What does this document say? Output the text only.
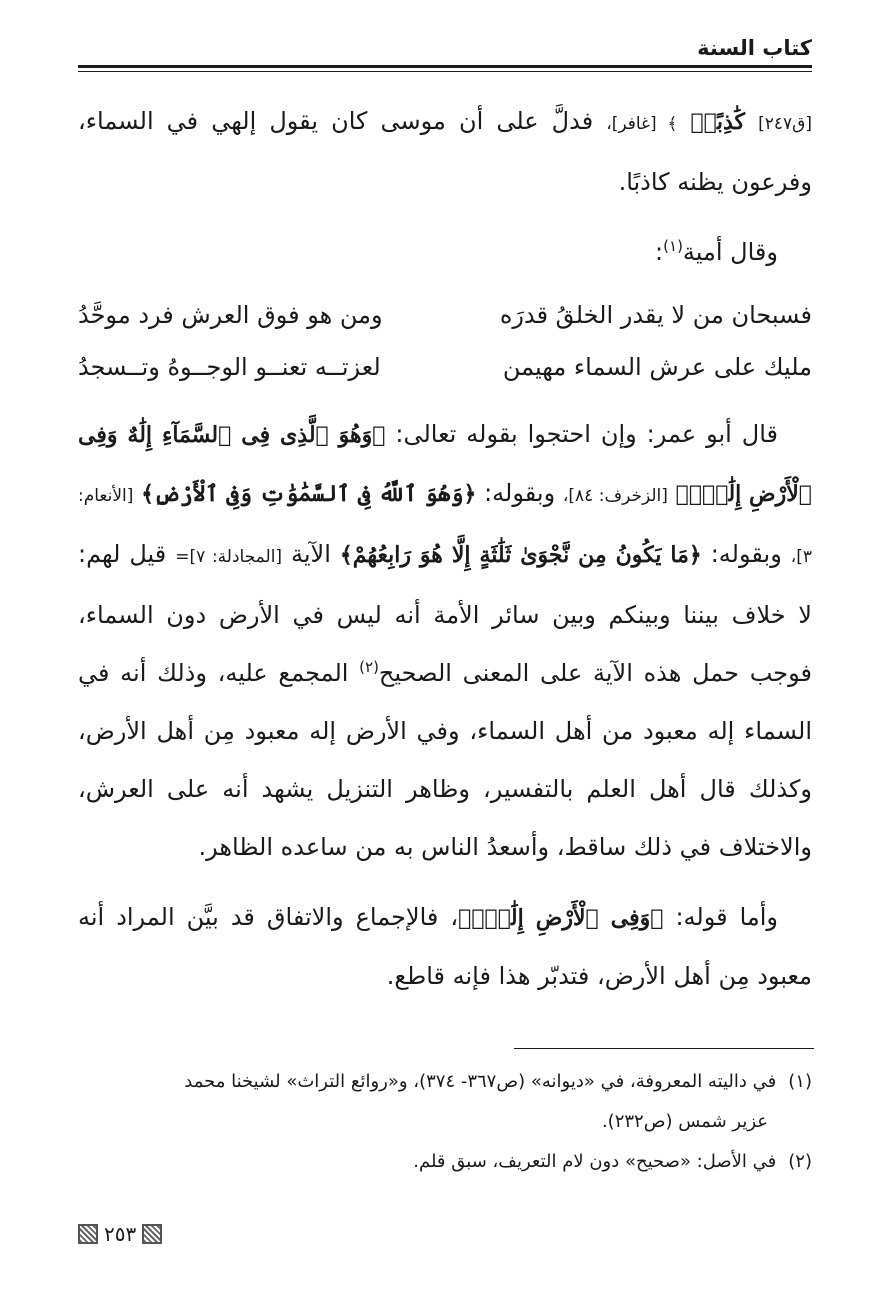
كتاب السنة

[ق٢٤٧] كَٰذِبًاۚ ﴾ [غافر]، فدلَّ على أن موسى كان يقول إلهي في السماء، وفرعون يظنه كاذبًا.

وقال أمية$^{(١)}$:

فسبحان من لا يقدر الخلقُ قدرَه
ومن هو فوق العرش فرد موحَّدُ
مليك على عرش السماء مهيمن
لعزتــه تعنــو الوجــوهُ وتــسجدُ

قال أبو عمر: وإن احتجوا بقوله تعالى: ﴿وَهُوَ ٱلَّذِى فِى ٱلسَّمَآءِ إِلَٰهٌ وَفِى ٱلْأَرْضِ إِلَٰهٌۚ﴾ [الزخرف: ٨٤]، وبقوله: ﴿وَهُوَ ٱللَّهُ فِى ٱلسَّمَٰوَٰتِ وَفِى ٱلْأَرْضِ﴾ [الأنعام: ٣]، وبقوله: ﴿مَا يَكُونُ مِن نَّجْوَىٰ ثَلَٰثَةٍ إِلَّا هُوَ رَابِعُهُمْ﴾ الآية [المجادلة: ٧]= قيل لهم: لا خلاف بيننا وبينكم وبين سائر الأمة أنه ليس في الأرض دون السماء، فوجب حمل هذه الآية على المعنى الصحيح$^{(٢)}$ المجمع عليه، وذلك أنه في السماء إله معبود من أهل السماء، وفي الأرض إله معبود مِن أهل الأرض، وكذلك قال أهل العلم بالتفسير، وظاهر التنزيل يشهد أنه على العرش، والاختلاف في ذلك ساقط، وأسعدُ الناس به من ساعده الظاهر.

وأما قوله: ﴿وَفِى ٱلْأَرْضِ إِلَٰهٌۚ﴾، فالإجماع والاتفاق قد بيَّن المراد أنه معبود مِن أهل الأرض، فتدبّر هذا فإنه قاطع.

(١)في داليته المعروفة، في «ديوانه» (ص٣٦٧- ٣٧٤)، و«روائع التراث» لشيخنا محمد

عزير شمس (ص٢٣٢).

(٢)في الأصل: «صحيح» دون لام التعريف، سبق قلم.

٢٥٣
